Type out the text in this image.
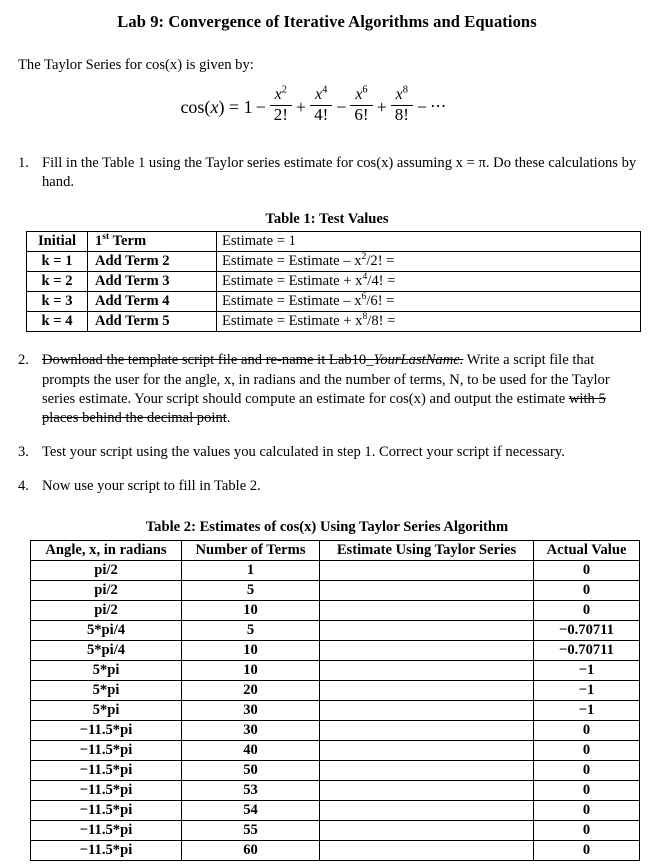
Lab 9: Convergence of Iterative Algorithms and Equations

The Taylor Series for cos(x) is given by:

$\cos(x) = 1 - \frac{x^2}{2!} + \frac{x^4}{4!} - \frac{x^6}{6!} + \frac{x^8}{8!}$ − ⋯
1. Fill in the Table 1 using the Taylor series estimate for cos(x) assuming x = π. Do these calculations by hand.

Table 1: Test Values

Initial	1st Term	Estimate = 1
k = 1	Add Term 2	Estimate = Estimate – $x^2/2$! =
k = 2	Add Term 3	Estimate = Estimate + $x^4/4$! =
k = 3	Add Term 4	Estimate = Estimate – $x^6/6$! =
k = 4	Add Term 5	Estimate = Estimate + $x^8/8$! =
2. Download the template script file and re-name it Lab10_YourLastName. Write a script file that prompts the user for the angle, x, in radians and the number of terms, N, to be used for the Taylor series estimate. Your script should compute an estimate for cos(x) and output the estimate with 5 places behind the decimal point.
3. Test your script using the values you calculated in step 1. Correct your script if necessary.
4. Now use your script to fill in Table 2.

Table 2: Estimates of cos(x) Using Taylor Series Algorithm

Angle, x, in radians	Number of Terms	Estimate Using Taylor Series	Actual Value
pi/2	1		0
pi/2	5		0
pi/2	10		0
5*pi/4	5		−0.70711
5*pi/4	10		−0.70711
5*pi	10		−1
5*pi	20		−1
5*pi	30		−1
−11.5*pi	30		0
−11.5*pi	40		0
−11.5*pi	50		0
−11.5*pi	53		0
−11.5*pi	54		0
−11.5*pi	55		0
−11.5*pi	60		0
